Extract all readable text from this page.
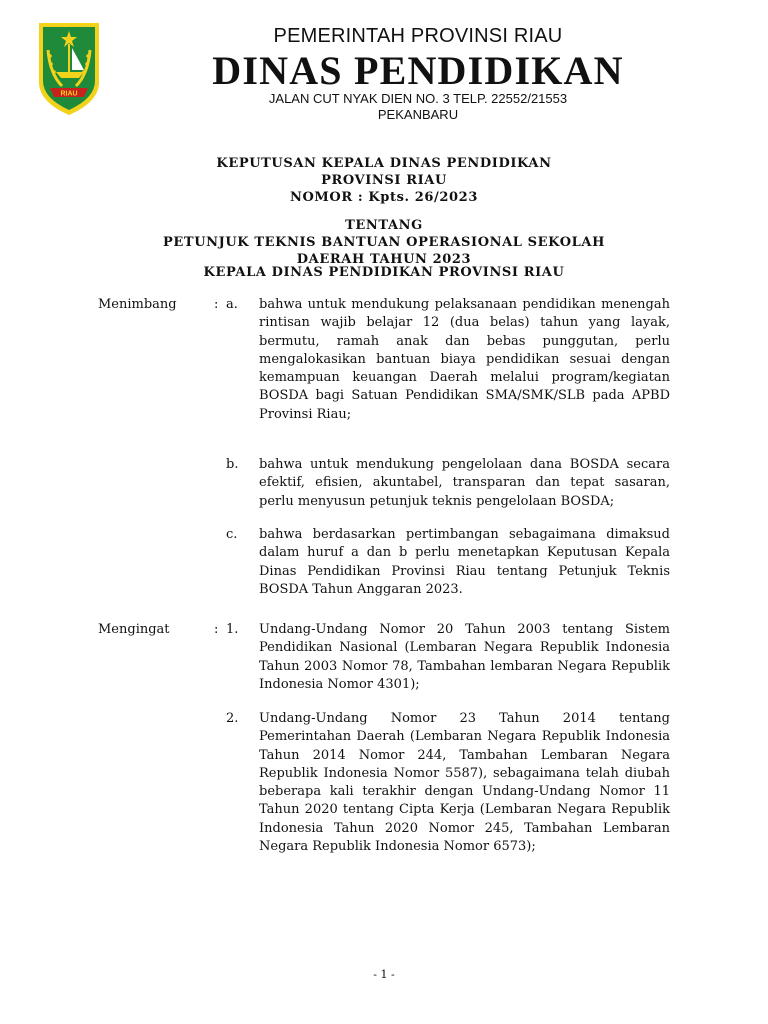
RIAU
PEMERINTAH PROVINSI RIAU
DINAS PENDIDIKAN
JALAN CUT NYAK DIEN NO. 3 TELP. 22552/21553
PEKANBARU
KEPUTUSAN KEPALA DINAS PENDIDIKAN
PROVINSI RIAU
NOMOR : Kpts. 26/2023
TENTANG
PETUNJUK TEKNIS BANTUAN OPERASIONAL SEKOLAH
DAERAH TAHUN 2023
KEPALA DINAS PENDIDIKAN PROVINSI RIAU
Menimbang	: a.	bahwa untuk mendukung pelaksanaan pendidikan menengah rintisan wajib belajar 12 (dua belas) tahun yang layak, bermutu, ramah anak dan bebas punggutan, perlu mengalokasikan bantuan biaya pendidikan sesuai dengan kemampuan keuangan Daerah melalui program/kegiatan BOSDA bagi Satuan Pendidikan SMA/SMK/SLB pada APBD Provinsi Riau;
b.	bahwa untuk mendukung pengelolaan dana BOSDA secara efektif, efisien, akuntabel, transparan dan tepat sasaran, perlu menyusun petunjuk teknis pengelolaan BOSDA;
c.	bahwa berdasarkan pertimbangan sebagaimana dimaksud dalam huruf a dan b perlu menetapkan Keputusan Kepala Dinas Pendidikan Provinsi Riau tentang Petunjuk Teknis BOSDA Tahun Anggaran 2023.
Mengingat	: 1.	Undang-Undang Nomor 20 Tahun 2003 tentang Sistem Pendidikan Nasional (Lembaran Negara Republik Indonesia Tahun 2003 Nomor 78, Tambahan lembaran Negara Republik Indonesia Nomor 4301);
2.	Undang-Undang Nomor 23 Tahun 2014 tentang Pemerintahan Daerah (Lembaran Negara Republik Indonesia Tahun 2014 Nomor 244, Tambahan Lembaran Negara Republik Indonesia Nomor 5587), sebagaimana telah diubah beberapa kali terakhir dengan Undang-Undang Nomor 11 Tahun 2020 tentang Cipta Kerja (Lembaran Negara Republik Indonesia Tahun 2020 Nomor 245, Tambahan Lembaran Negara Republik Indonesia Nomor 6573);
- 1 -
